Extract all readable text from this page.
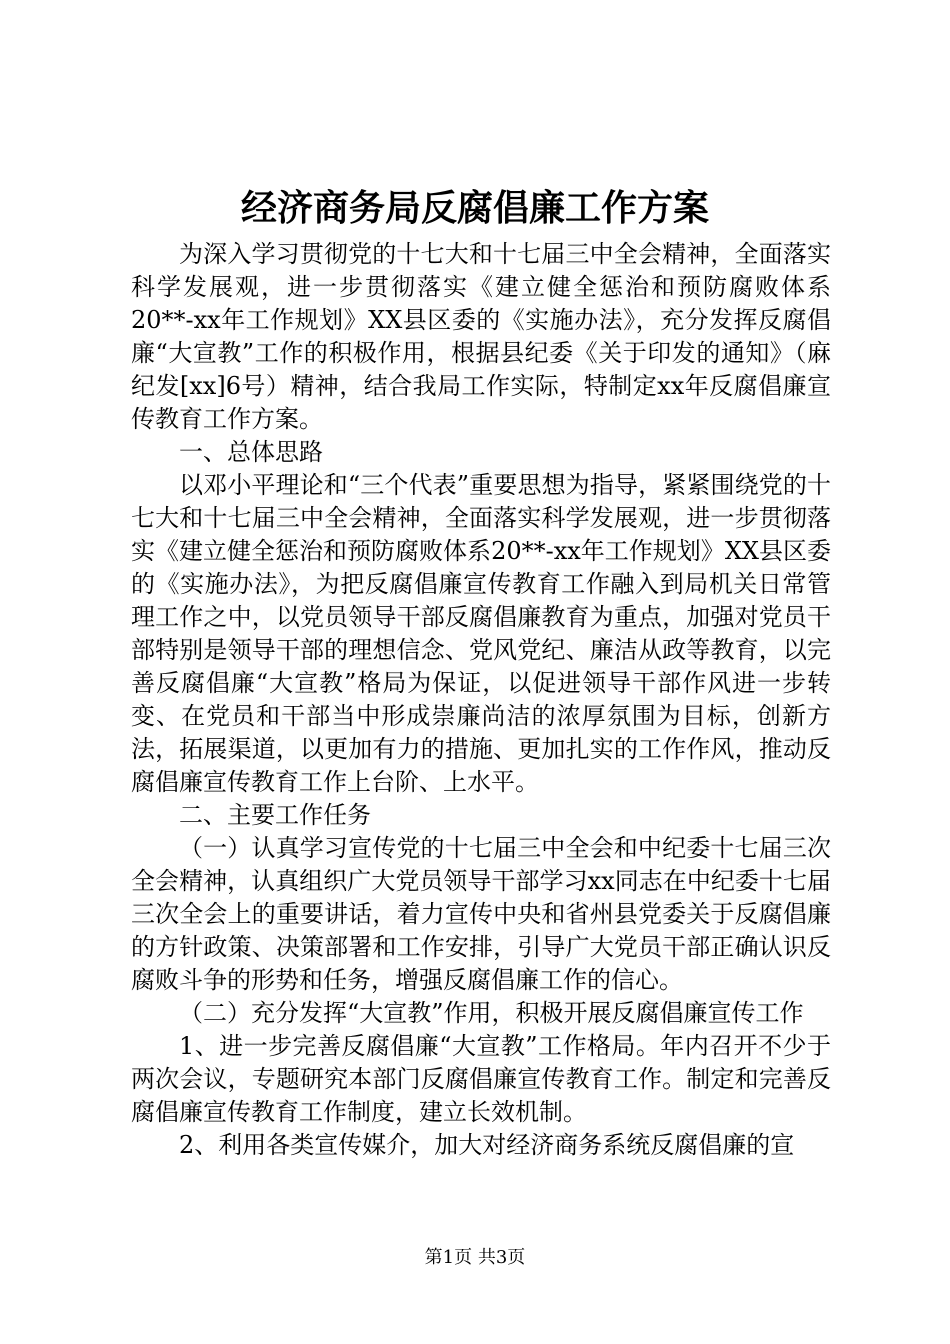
经济商务局反腐倡廉工作方案

为深入学习贯彻党的十七大和十七届三中全会精神，全面落实科学发展观，进一步贯彻落实《建立健全惩治和预防腐败体系20**-xx年工作规划》XX县区委的《实施办法》，充分发挥反腐倡廉“大宣教”工作的积极作用，根据县纪委《关于印发的通知》（麻纪发[xx]6号）精神，结合我局工作实际，特制定xx年反腐倡廉宣传教育工作方案。

一、总体思路

以邓小平理论和“三个代表”重要思想为指导，紧紧围绕党的十七大和十七届三中全会精神，全面落实科学发展观，进一步贯彻落实《建立健全惩治和预防腐败体系20**-xx年工作规划》XX县区委的《实施办法》，为把反腐倡廉宣传教育工作融入到局机关日常管理工作之中，以党员领导干部反腐倡廉教育为重点，加强对党员干部特别是领导干部的理想信念、党风党纪、廉洁从政等教育，以完善反腐倡廉“大宣教”格局为保证，以促进领导干部作风进一步转变、在党员和干部当中形成崇廉尚洁的浓厚氛围为目标，创新方法，拓展渠道，以更加有力的措施、更加扎实的工作作风，推动反腐倡廉宣传教育工作上台阶、上水平。

二、主要工作任务

（一）认真学习宣传党的十七届三中全会和中纪委十七届三次全会精神，认真组织广大党员领导干部学习xx同志在中纪委十七届三次全会上的重要讲话，着力宣传中央和省州县党委关于反腐倡廉的方针政策、决策部署和工作安排，引导广大党员干部正确认识反腐败斗争的形势和任务，增强反腐倡廉工作的信心。

（二）充分发挥“大宣教”作用，积极开展反腐倡廉宣传工作

1、进一步完善反腐倡廉“大宣教”工作格局。年内召开不少于两次会议，专题研究本部门反腐倡廉宣传教育工作。制定和完善反腐倡廉宣传教育工作制度，建立长效机制。

2、利用各类宣传媒介，加大对经济商务系统反腐倡廉的宣

第1页 共3页
